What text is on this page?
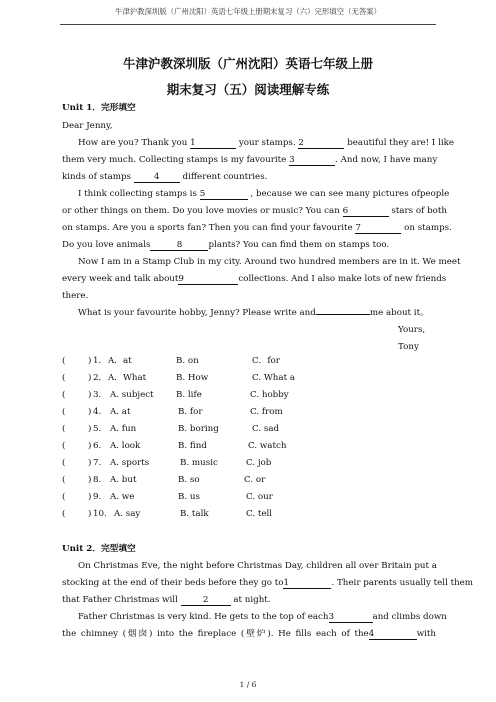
牛津沪教深圳版（广州沈阳）英语七年级上册期末复习（六）完形填空（无答案）
牛津沪教深圳版（广州沈阳）英语七年级上册
期末复习（五）阅读理解专练
Unit 1．完形填空
Dear Jenny,
How are you? Thank you 1	your stamps. 2	beautiful they are! I like
them very much. Collecting stamps is my favourite 3	. And now, I have many
kinds of stamps	4	different countries.
I think collecting stamps is 5	, because we can see many pictures ofpeople
or other things on them. Do you love movies or music? You can 6	stars of both
on stamps. Are you a sports fan? Then you can find your favourite 7	on stamps.
Do you love animals	8	plants? You can find them on stamps too.
Now I am in a Stamp Club in my city. Around two hundred members are in it. We meet
every week and talk about9	collections. And I also make lots of new friends
there.
What is your favourite hobby, Jenny? Please write and	me about it。
Yours,
Tony
(	) 1． A．at	B. on	C．for
(	) 2． A．What	B. How	C. What a
(	) 3. A. subject	B. life	C. hobby
(	) 4. A. at	B. for	C. from
(	) 5. A. fun	B. boring	C. sad
(	) 6. A. look	B. find	C. watch
(	) 7. A. sports	B. music	C. job
(	) 8. A. but	B. so	C. or
(	) 9. A. we	B. us	C. our
(	) 10. A. say	B. talk	C. tell
Unit 2．完型填空
On Christmas Eve, the night before Christmas Day, children all over Britain put a
stocking at the end of their beds before they go to1	. Their parents usually tell them
that Father Christmas will	2	at night.
Father Christmas is very kind. He gets to the top of each3	and climbs down
the chimney (烟囱) into the fireplace (壁炉). He fills each of the4	with
1 / 6
